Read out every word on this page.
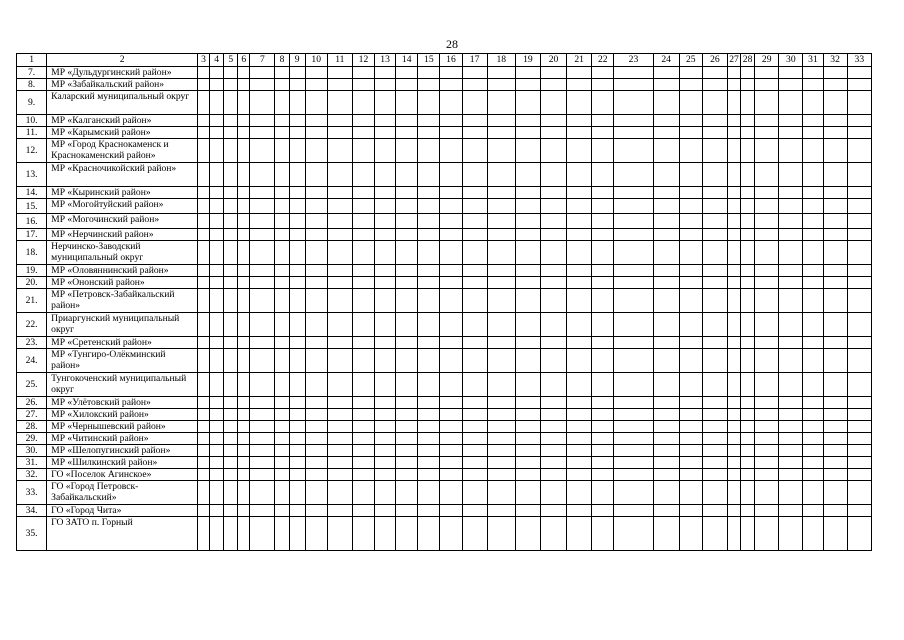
28
1	2	3	4	5	6	7	8	9	10	11	12	13	14	15	16	17	18	19	20	21	22	23	24	25	26	27	28	29	30	31	32	33
7.	МР «Дульдургинский район»																															
8.	МР «Забайкальский район»																															
9.	Каларский муниципальный округ																															
10.	МР «Калганский район»																															
11.	МР «Карымский район»																															
12.	МР «Город Краснокаменск и Краснокаменский район»																															
13.	МР «Красночикойский район»																															
14.	МР «Кыринский район»																															
15.	МР «Могойтуйский район»																															
16.	МР «Могочинский район»																															
17.	МР «Нерчинский район»																															
18.	Нерчинско-Заводский муниципальный округ																															
19.	МР «Оловяннинский район»																															
20.	МР «Ононский район»																															
21.	МР «Петровск-Забайкальский район»																															
22.	Приаргунский муниципальный округ																															
23.	МР «Сретенский район»																															
24.	МР «Тунгиро-Олёкминский район»																															
25.	Тунгокоченский муниципальный округ																															
26.	МР «Улётовский район»																															
27.	МР «Хилокский район»																															
28.	МР «Чернышевский район»																															
29.	МР «Читинский район»																															
30.	МР «Шелопугинский район»																															
31.	МР «Шилкинский район»																															
32.	ГО «Поселок Агинское»																															
33.	ГО «Город Петровск-Забайкальский»																															
34.	ГО «Город Чита»																															
35.	ГО ЗАТО п. Горный																															
